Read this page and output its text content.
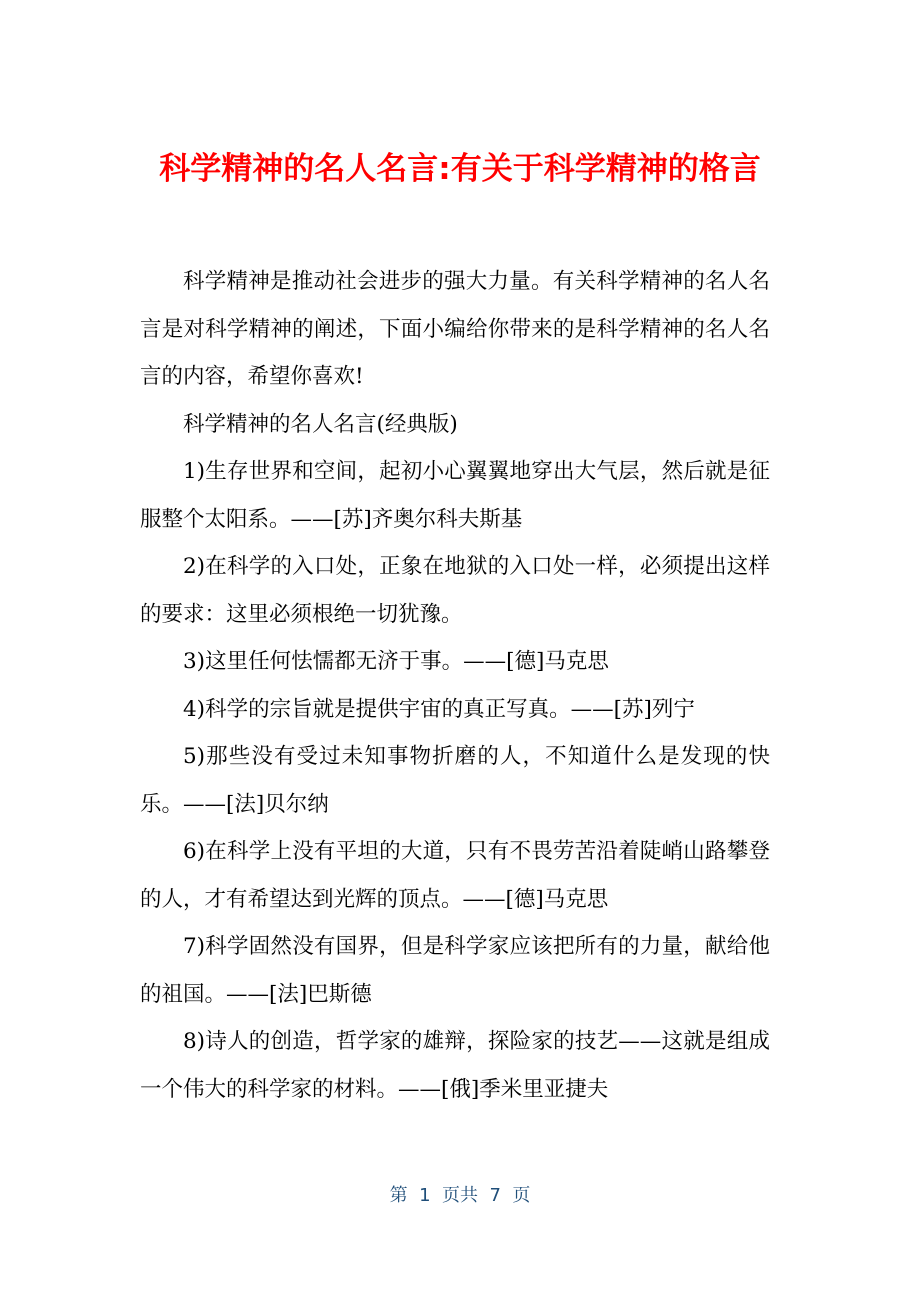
科学精神的名人名言:有关于科学精神的格言

科学精神是推动社会进步的强大力量。有关科学精神的名人名言是对科学精神的阐述，下面小编给你带来的是科学精神的名人名言的内容，希望你喜欢!

科学精神的名人名言(经典版)

1)生存世界和空间，起初小心翼翼地穿出大气层，然后就是征服整个太阳系。——[苏]齐奥尔科夫斯基

2)在科学的入口处，正象在地狱的入口处一样，必须提出这样的要求：这里必须根绝一切犹豫。

3)这里任何怯懦都无济于事。——[德]马克思

4)科学的宗旨就是提供宇宙的真正写真。——[苏]列宁

5)那些没有受过未知事物折磨的人，不知道什么是发现的快乐。——[法]贝尔纳

6)在科学上没有平坦的大道，只有不畏劳苦沿着陡峭山路攀登的人，才有希望达到光辉的顶点。——[德]马克思

7)科学固然没有国界，但是科学家应该把所有的力量，献给他的祖国。——[法]巴斯德

8)诗人的创造，哲学家的雄辩，探险家的技艺——这就是组成一个伟大的科学家的材料。——[俄]季米里亚捷夫

第  1  页共  7  页
